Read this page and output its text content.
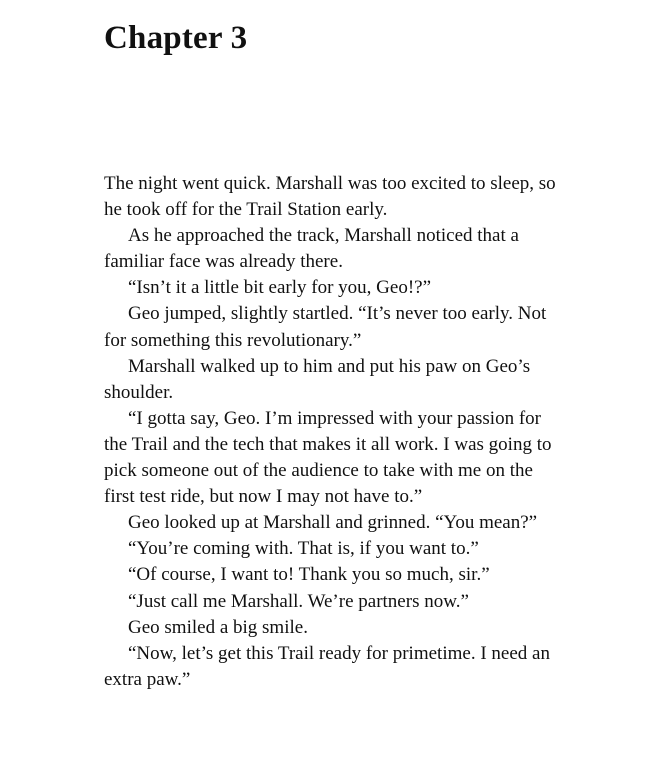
Chapter 3

The night went quick. Marshall was too excited to sleep, so he took off for the Trail Station early.

As he approached the track, Marshall noticed that a familiar face was already there.

“Isn’t it a little bit early for you, Geo!?”

Geo jumped, slightly startled. “It’s never too early. Not for something this revolutionary.”

Marshall walked up to him and put his paw on Geo’s shoulder.

“I gotta say, Geo. I’m impressed with your passion for the Trail and the tech that makes it all work. I was going to pick someone out of the audience to take with me on the first test ride, but now I may not have to.”

Geo looked up at Marshall and grinned. “You mean?”

“You’re coming with. That is, if you want to.”

“Of course, I want to! Thank you so much, sir.”

“Just call me Marshall. We’re partners now.”

Geo smiled a big smile.

“Now, let’s get this Trail ready for primetime. I need an extra paw.”
